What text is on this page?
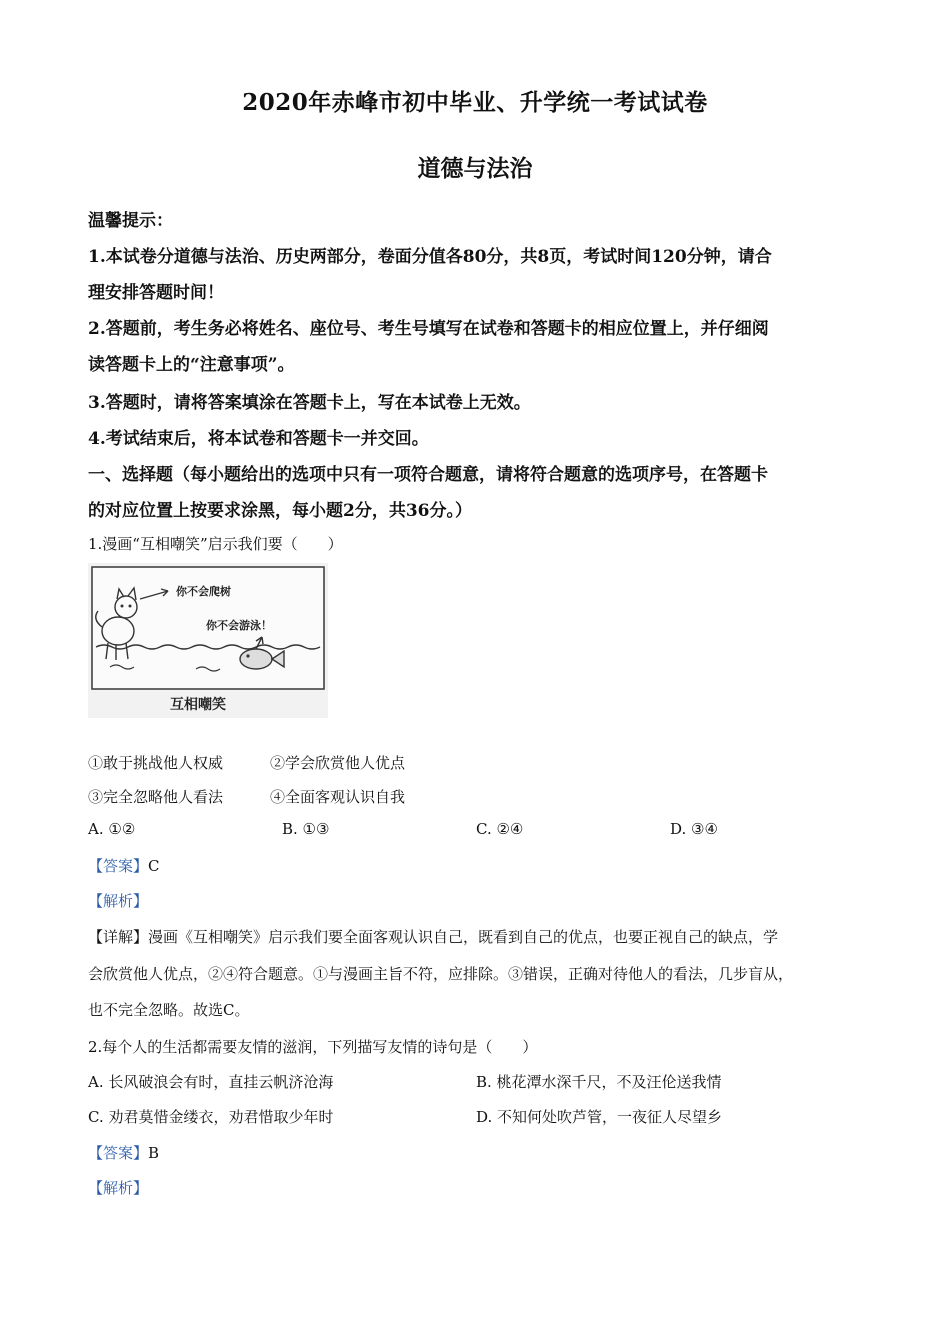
2020年赤峰市初中毕业、升学统一考试试卷
道德与法治
温馨提示：
1.本试卷分道德与法治、历史两部分，卷面分值各80分，共8页，考试时间120分钟，请合
理安排答题时间！
2.答题前，考生务必将姓名、座位号、考生号填写在试卷和答题卡的相应位置上，并仔细阅
读答题卡上的“注意事项”。
3.答题时，请将答案填涂在答题卡上，写在本试卷上无效。
4.考试结束后，将本试卷和答题卡一并交回。
一、选择题（每小题给出的选项中只有一项符合题意，请将符合题意的选项序号，在答题卡
的对应位置上按要求涂黑，每小题2分，共36分。）
1.漫画“互相嘲笑”启示我们要（　　）
你不会爬树
你不会游泳！
互相嘲笑
①敢于挑战他人权威	②学会欣赏他人优点
③完全忽略他人看法	④全面客观认识自我
A. ①②	B. ①③	C. ②④	D. ③④
【答案】C
【解析】
【详解】漫画《互相嘲笑》启示我们要全面客观认识自己，既看到自己的优点，也要正视自己的缺点，学
会欣赏他人优点，②④符合题意。①与漫画主旨不符，应排除。③错误，正确对待他人的看法，几步盲从，
也不完全忽略。故选C。
2.每个人的生活都需要友情的滋润，下列描写友情的诗句是（　　）
A. 长风破浪会有时，直挂云帆济沧海	B. 桃花潭水深千尺，不及汪伦送我情
C. 劝君莫惜金缕衣，劝君惜取少年时	D. 不知何处吹芦管，一夜征人尽望乡
【答案】B
【解析】
